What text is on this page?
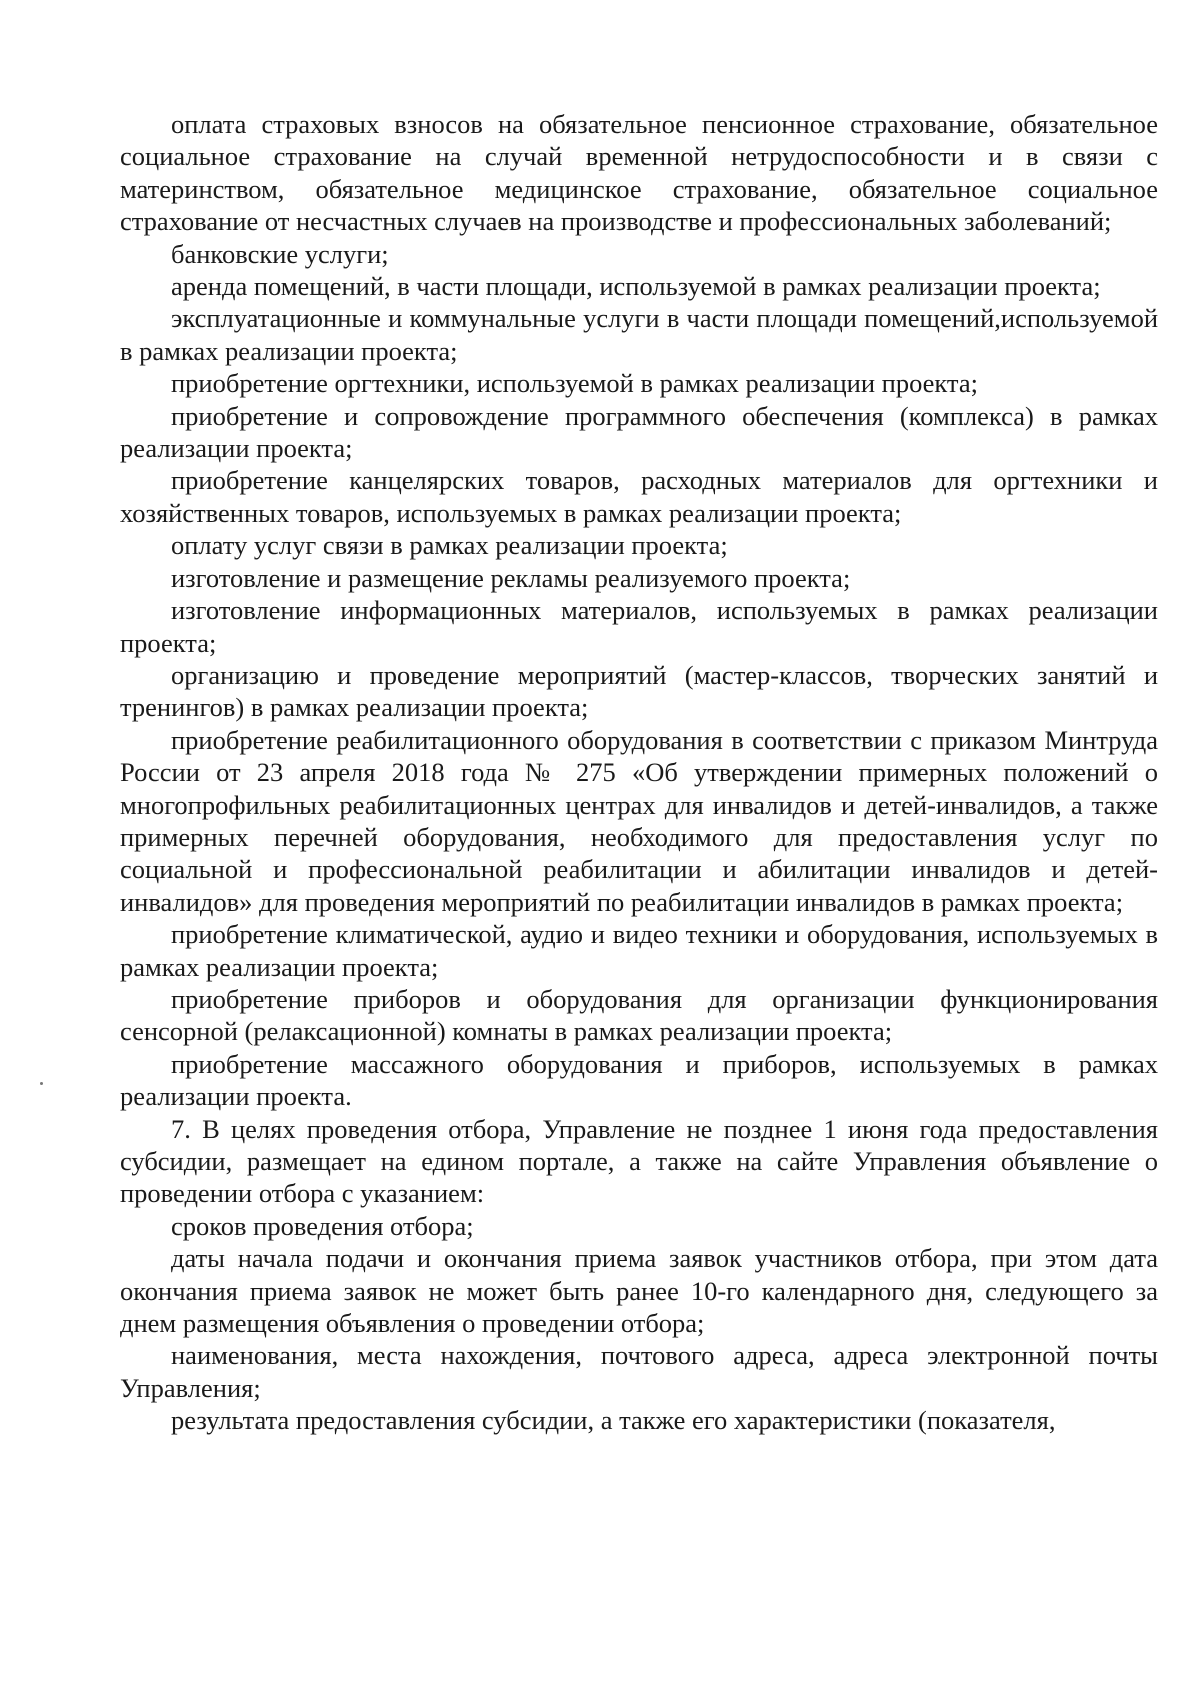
оплата страховых взносов на обязательное пенсионное страхование, обязательное социальное страхование на случай временной нетрудоспособности и в связи с материнством, обязательное медицинское страхование, обязательное социальное страхование от несчастных случаев на производстве и профессиональных заболеваний;

банковские услуги;

аренда помещений, в части площади, используемой в рамках реализации проекта;

эксплуатационные и коммунальные услуги в части площади помещений,используемой в рамках реализации проекта;

приобретение оргтехники, используемой в рамках реализации проекта;

приобретение и сопровождение программного обеспечения (комплекса) в рамках реализации проекта;

приобретение канцелярских товаров, расходных материалов для оргтехники и хозяйственных товаров, используемых в рамках реализации проекта;

оплату услуг связи в рамках реализации проекта;

изготовление и размещение рекламы реализуемого проекта;

изготовление информационных материалов, используемых в рамках реализации проекта;

организацию и проведение мероприятий (мастер-классов, творческих занятий и тренингов) в рамках реализации проекта;

приобретение реабилитационного оборудования в соответствии с приказом Минтруда России от 23 апреля 2018 года № 275 «Об утверждении примерных положений о многопрофильных реабилитационных центрах для инвалидов и детей-инвалидов, а также примерных перечней оборудования, необходимого для предоставления услуг по социальной и профессиональной реабилитации и абилитации инвалидов и детей-инвалидов» для проведения мероприятий по реабилитации инвалидов в рамках проекта;

приобретение климатической, аудио и видео техники и оборудования, используемых в рамках реализации проекта;

приобретение приборов и оборудования для организации функционирования сенсорной (релаксационной) комнаты в рамках реализации проекта;

приобретение массажного оборудования и приборов, используемых в рамках реализации проекта.

7. В целях проведения отбора, Управление не позднее 1 июня года предоставления субсидии, размещает на едином портале, а также на сайте Управления объявление о проведении отбора с указанием:

сроков проведения отбора;

даты начала подачи и окончания приема заявок участников отбора, при этом дата окончания приема заявок не может быть ранее 10-го календарного дня, следующего за днем размещения объявления о проведении отбора;

наименования, места нахождения, почтового адреса, адреса электронной почты Управления;

результата предоставления субсидии, а также его характеристики (показателя,
